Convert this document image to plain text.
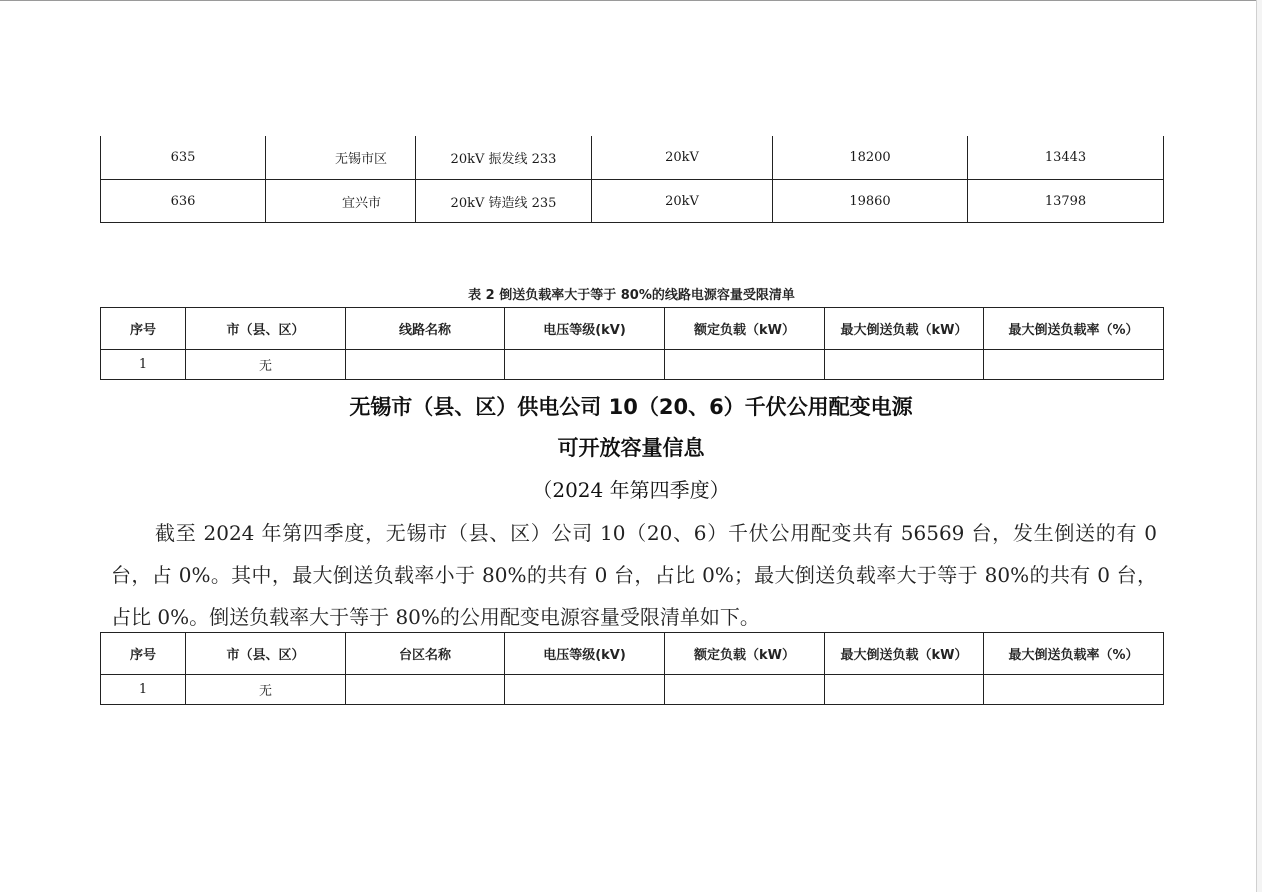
635	无锡市区	20kV 振发线 233	20kV	18200	13443
636	宜兴市	20kV 铸造线 235	20kV	19860	13798
表 2 倒送负载率大于等于 80%的线路电源容量受限清单
序号	市（县、区）	线路名称	电压等级(kV)	额定负载（kW）	最大倒送负载（kW）	最大倒送负载率（%）
1	无					
无锡市（县、区）供电公司 10（20、6）千伏公用配变电源
可开放容量信息
（2024 年第四季度）
截至 2024 年第四季度，无锡市（县、区）公司 10（20、6）千伏公用配变共有 56569 台，发生倒送的有 0 台，占 0%。其中，最大倒送负载率小于 80%的共有 0 台，占比 0%；最大倒送负载率大于等于 80%的共有 0 台，占比 0%。倒送负载率大于等于 80%的公用配变电源容量受限清单如下。
序号	市（县、区）	台区名称	电压等级(kV)	额定负载（kW）	最大倒送负载（kW）	最大倒送负载率（%）
1	无					
